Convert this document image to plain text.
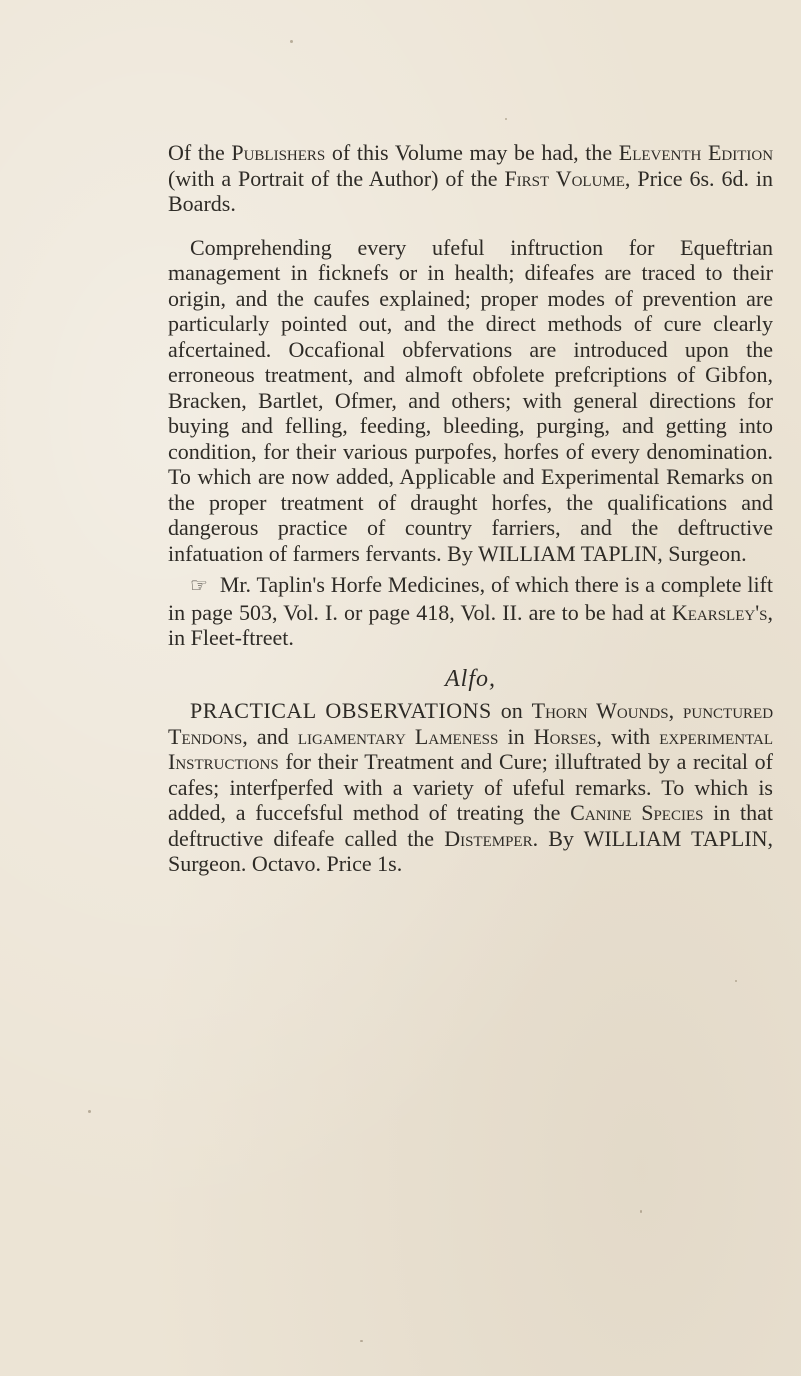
Of the Publishers of this Volume may be had, the Eleventh Edition (with a Portrait of the Author) of the First Volume, Price 6s. 6d. in Boards.

Comprehending every ufeful inftruction for Equeftrian management in ficknefs or in health; difeafes are traced to their origin, and the caufes explained; proper modes of prevention are particularly pointed out, and the direct methods of cure clearly afcertained. Occafional obfervations are introduced upon the erroneous treatment, and almoft obfolete prefcriptions of Gibfon, Bracken, Bartlet, Ofmer, and others; with general directions for buying and felling, feeding, bleeding, purging, and getting into condition, for their various purpofes, horfes of every denomination. To which are now added, Applicable and Experimental Remarks on the proper treatment of draught horfes, the qualifications and dangerous practice of country farriers, and the deftructive infatuation of farmers fervants. By WILLIAM TAPLIN, Surgeon.

☞ Mr. Taplin's Horfe Medicines, of which there is a complete lift in page 503, Vol. I. or page 418, Vol. II. are to be had at Kearsley's, in Fleet-ftreet.

Alfo,

PRACTICAL OBSERVATIONS on Thorn Wounds, punctured Tendons, and ligamentary Lameness in Horses, with experimental Instructions for their Treatment and Cure; illuftrated by a recital of cafes; interfperfed with a variety of ufeful remarks. To which is added, a fuccefsful method of treating the Canine Species in that deftructive difeafe called the Distemper. By WILLIAM TAPLIN, Surgeon. Octavo. Price 1s.
